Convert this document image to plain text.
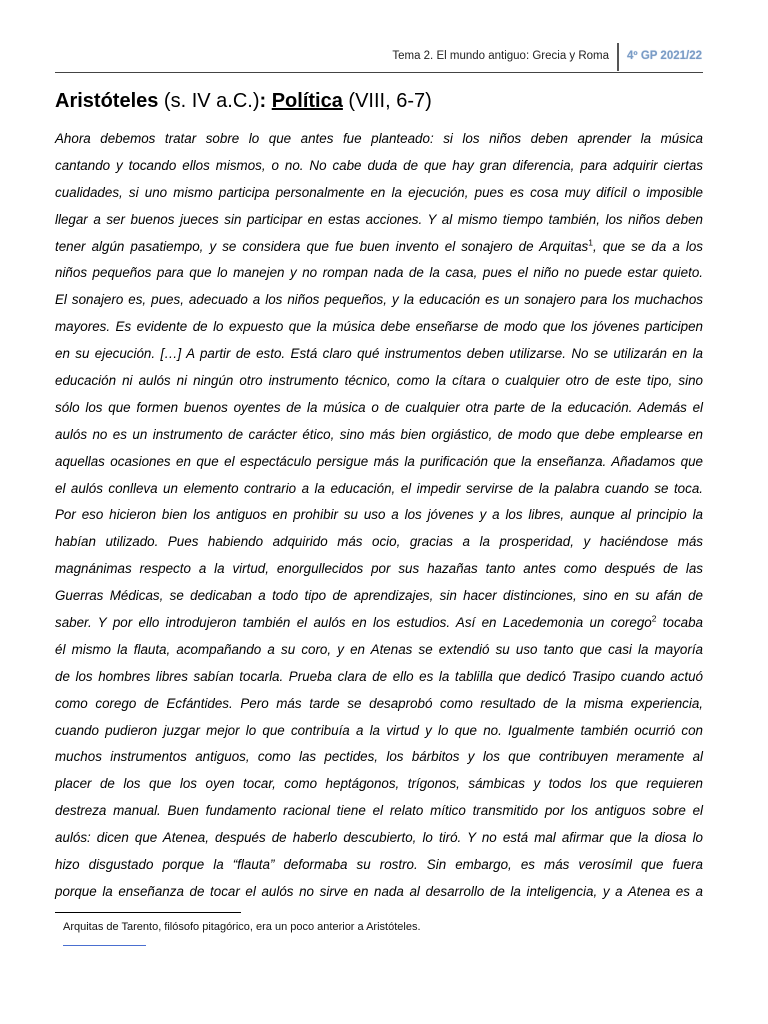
Tema 2. El mundo antiguo: Grecia y Roma	4º GP 2021/22
Aristóteles (s. IV a.C.): Política (VIII, 6-7)
Ahora debemos tratar sobre lo que antes fue planteado: si los niños deben aprender la música
cantando y tocando ellos mismos, o no. No cabe duda de que hay gran diferencia, para adquirir ciertas
cualidades, si uno mismo participa personalmente en la ejecución, pues es cosa muy difícil o imposible
llegar a ser buenos jueces sin participar en estas acciones. Y al mismo tiempo también, los niños deben
tener algún pasatiempo, y se considera que fue buen invento el sonajero de Arquitas$^1$, que se da a los
niños pequeños para que lo manejen y no rompan nada de la casa, pues el niño no puede estar quieto.
El sonajero es, pues, adecuado a los niños pequeños, y la educación es un sonajero para los muchachos
mayores. Es evidente de lo expuesto que la música debe enseñarse de modo que los jóvenes participen
en su ejecución. […] A partir de esto. Está claro qué instrumentos deben utilizarse. No se utilizarán en la
educación ni aulós ni ningún otro instrumento técnico, como la cítara o cualquier otro de este tipo, sino
sólo los que formen buenos oyentes de la música o de cualquier otra parte de la educación. Además el
aulós no es un instrumento de carácter ético, sino más bien orgiástico, de modo que debe emplearse en
aquellas ocasiones en que el espectáculo persigue más la purificación que la enseñanza. Añadamos que
el aulós conlleva un elemento contrario a la educación, el impedir servirse de la palabra cuando se toca.
Por eso hicieron bien los antiguos en prohibir su uso a los jóvenes y a los libres, aunque al principio la
habían utilizado. Pues habiendo adquirido más ocio, gracias a la prosperidad, y haciéndose más
magnánimas respecto a la virtud, enorgullecidos por sus hazañas tanto antes como después de las
Guerras Médicas, se dedicaban a todo tipo de aprendizajes, sin hacer distinciones, sino en su afán de
saber. Y por ello introdujeron también el aulós en los estudios. Así en Lacedemonia un corego$^2$ tocaba
él mismo la flauta, acompañando a su coro, y en Atenas se extendió su uso tanto que casi la mayoría
de los hombres libres sabían tocarla. Prueba clara de ello es la tablilla que dedicó Trasipo cuando actuó
como corego de Ecfántides. Pero más tarde se desaprobó como resultado de la misma experiencia,
cuando pudieron juzgar mejor lo que contribuía a la virtud y lo que no. Igualmente también ocurrió con
muchos instrumentos antiguos, como las pectides, los bárbitos y los que contribuyen meramente al
placer de los que los oyen tocar, como heptágonos, trígonos, sámbicas y todos los que requieren
destreza manual. Buen fundamento racional tiene el relato mítico transmitido por los antiguos sobre el
aulós: dicen que Atenea, después de haberlo descubierto, lo tiró. Y no está mal afirmar que la diosa lo
hizo disgustado porque la “flauta” deformaba su rostro. Sin embargo, es más verosímil que fuera
porque la enseñanza de tocar el aulós no sirve en nada al desarrollo de la inteligencia, y a Atenea es a
Arquitas de Tarento, filósofo pitagórico, era un poco anterior a Aristóteles.
